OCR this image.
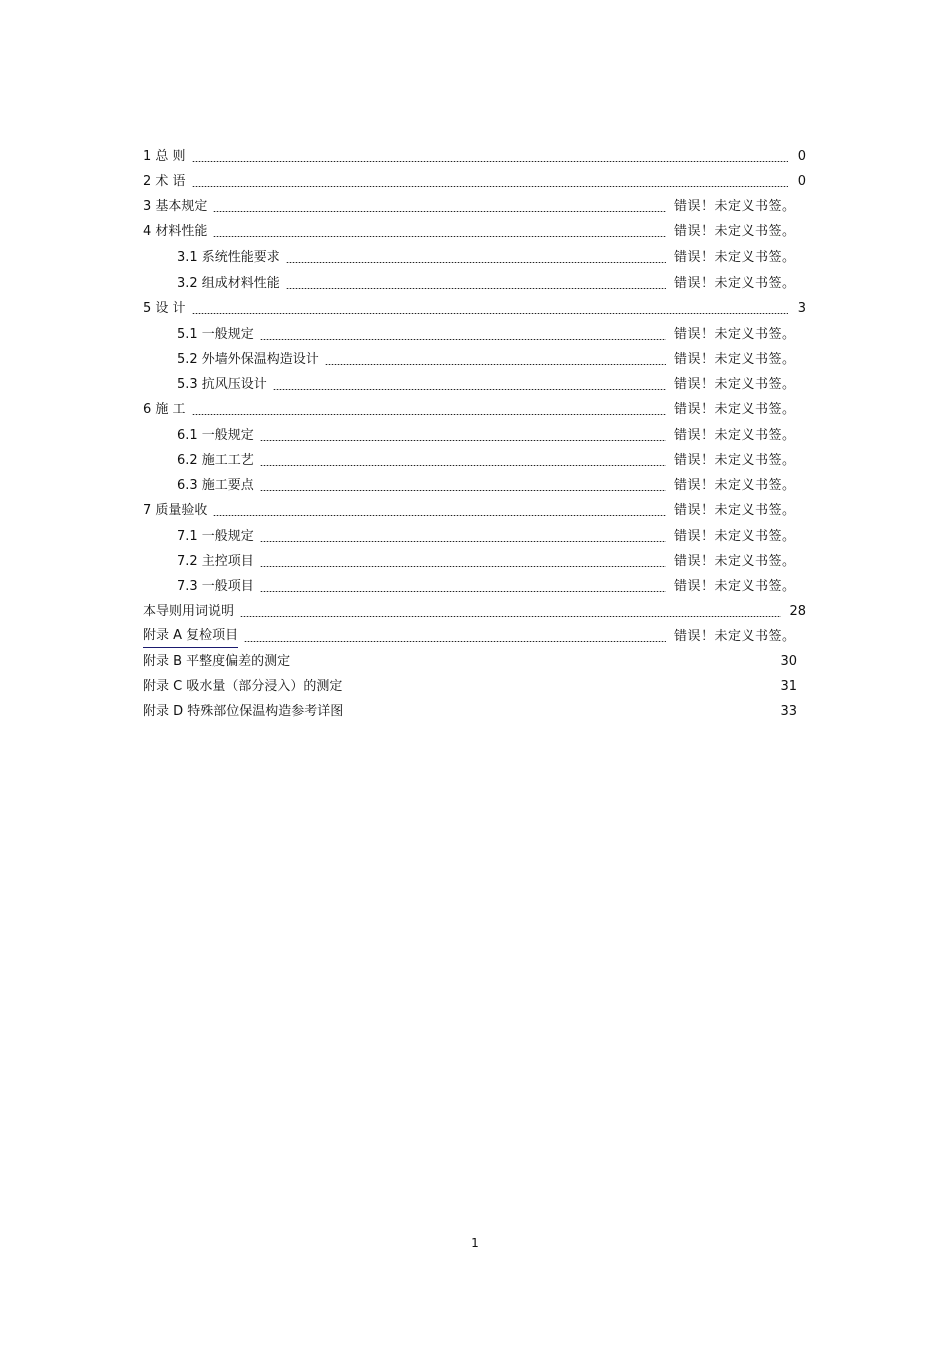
1 总 则	0
2 术 语	0
3 基本规定	错误！未定义书签。
4 材料性能	错误！未定义书签。
3.1 系统性能要求	错误！未定义书签。
3.2 组成材料性能	错误！未定义书签。
5 设 计	3
5.1 一般规定	错误！未定义书签。
5.2 外墙外保温构造设计	错误！未定义书签。
5.3 抗风压设计	错误！未定义书签。
6 施 工	错误！未定义书签。
6.1 一般规定	错误！未定义书签。
6.2 施工工艺	错误！未定义书签。
6.3 施工要点	错误！未定义书签。
7 质量验收	错误！未定义书签。
7.1 一般规定	错误！未定义书签。
7.2 主控项目	错误！未定义书签。
7.3 一般项目	错误！未定义书签。
本导则用词说明	28
附录 A 复检项目	错误！未定义书签。
附录 B 平整度偏差的测定	30
附录 C 吸水量（部分浸入）的测定	31
附录 D 特殊部位保温构造参考详图	33
1
